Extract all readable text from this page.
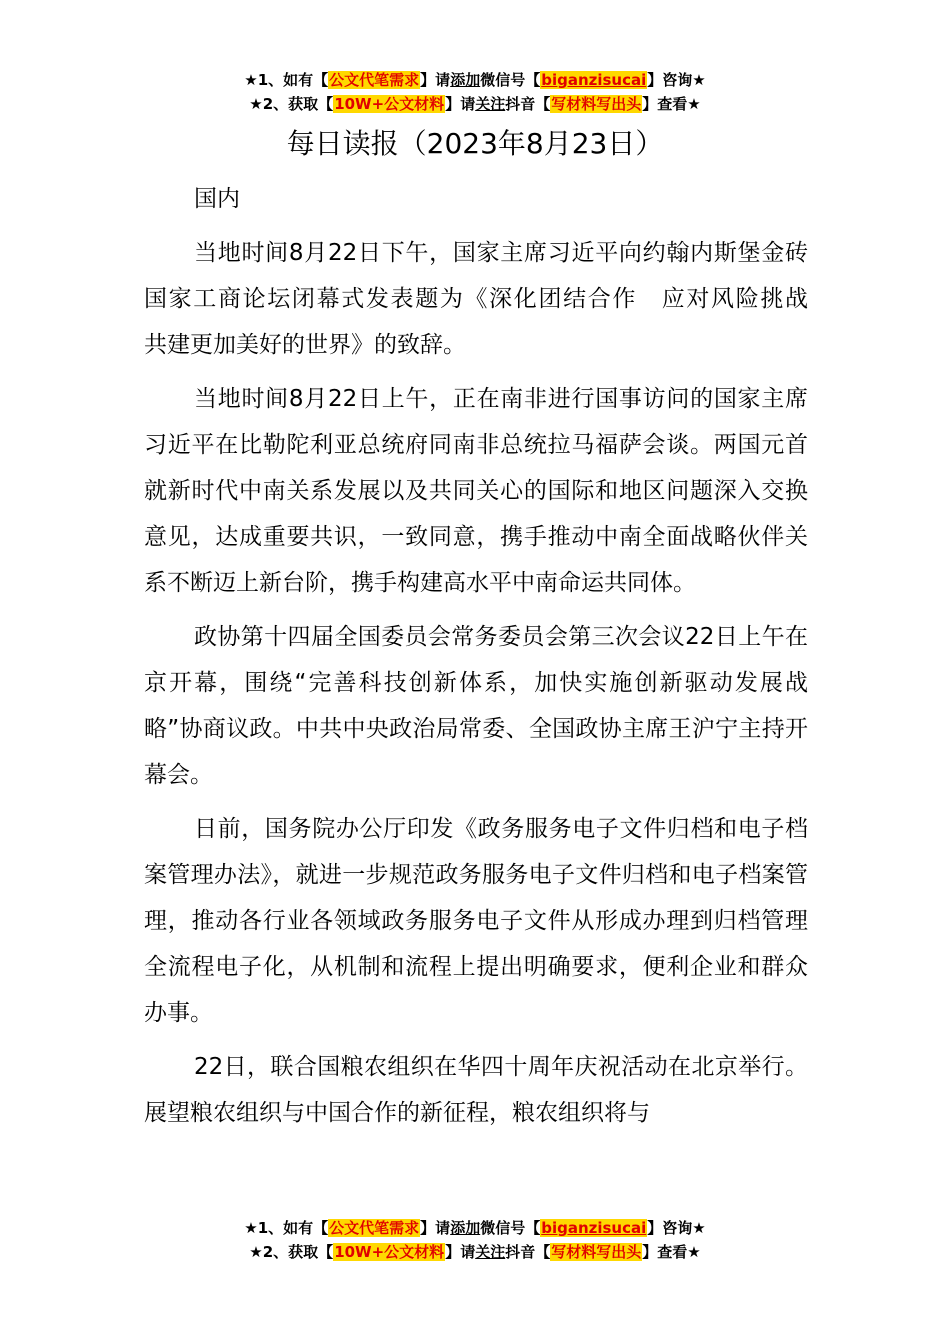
★1、如有【公文代笔需求】请添加微信号【biganzisucai】咨询★
★2、获取【10W+公文材料】请关注抖音【写材料写出头】查看★
每日读报（2023年8月23日）

国内

当地时间8月22日下午，国家主席习近平向约翰内斯堡金砖国家工商论坛闭幕式发表题为《深化团结合作　应对风险挑战　共建更加美好的世界》的致辞。

当地时间8月22日上午，正在南非进行国事访问的国家主席习近平在比勒陀利亚总统府同南非总统拉马福萨会谈。两国元首就新时代中南关系发展以及共同关心的国际和地区问题深入交换意见，达成重要共识，一致同意，携手推动中南全面战略伙伴关系不断迈上新台阶，携手构建高水平中南命运共同体。

政协第十四届全国委员会常务委员会第三次会议22日上午在京开幕，围绕“完善科技创新体系，加快实施创新驱动发展战略”协商议政。中共中央政治局常委、全国政协主席王沪宁主持开幕会。

日前，国务院办公厅印发《政务服务电子文件归档和电子档案管理办法》，就进一步规范政务服务电子文件归档和电子档案管理，推动各行业各领域政务服务电子文件从形成办理到归档管理全流程电子化，从机制和流程上提出明确要求，便利企业和群众办事。

22日，联合国粮农组织在华四十周年庆祝活动在北京举行。展望粮农组织与中国合作的新征程，粮农组织将与

★1、如有【公文代笔需求】请添加微信号【biganzisucai】咨询★
★2、获取【10W+公文材料】请关注抖音【写材料写出头】查看★
